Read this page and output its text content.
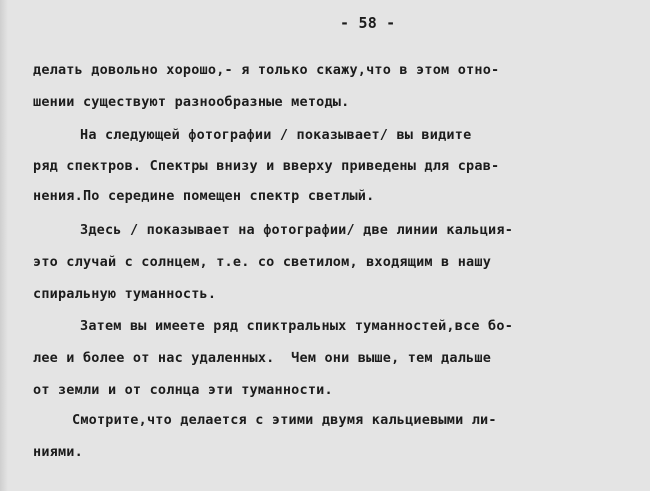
- 58 -
делать довольно хорошо,- я только скажу,что в этом отно-
шении существуют разнообразные методы.
На следующей фотографии / показывает/ вы видите
ряд спектров. Спектры внизу и вверху приведены для срав-
нения.По середине помещен спектр светлый.
Здесь / показывает на фотографии/ две линии кальция-
это случай с солнцем, т.е. со светилом, входящим в нашу
спиральную туманность.
Затем вы имеете ряд спиктральных туманностей,все бо-
лее и более от нас удаленных.  Чем они выше, тем дальше
от земли и от солнца эти туманности.
Смотрите,что делается с этими двумя кальциевыми ли-
ниями.
